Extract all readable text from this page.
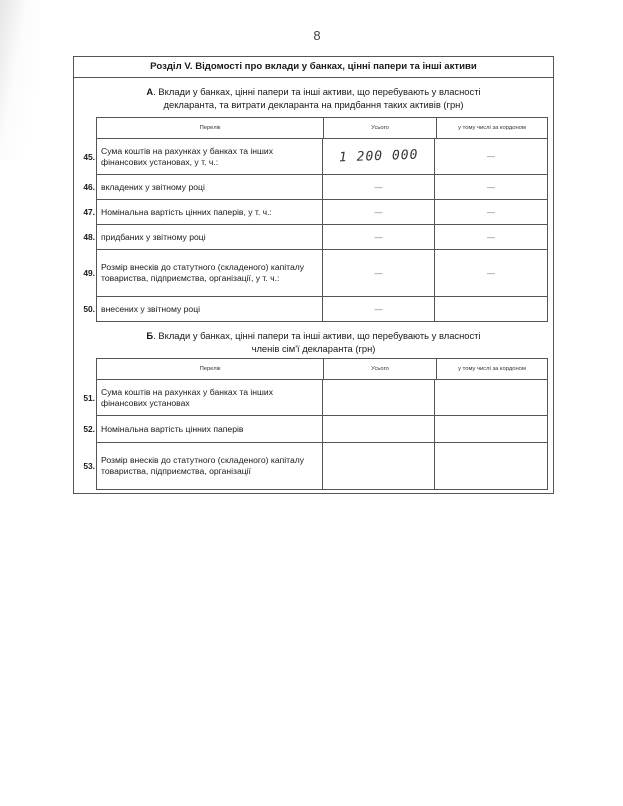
8
Розділ V. Відомості про вклади у банках, цінні папери та інші активи
А. Вклади у банках, цінні папери та інші активи, що перебувають у власності
декларанта, та витрати декларанта на придбання таких активів (грн)
Перелік	Усього	у тому числі за кордоном
45.
Сума коштів на рахунках у банках та інших фінансових установах, у т. ч.:	1 200 000	—
46. вкладених у звітному році	—	—
47. Номінальна вартість цінних паперів, у т. ч.:	—	—
48. придбаних у звітному році	—	—
49.
Розмір внесків до статутного (складеного) капіталу товариства, підприємства, організації, у т. ч.:	—	—
50. внесених у звітному році	—
Б. Вклади у банках, цінні папери та інші активи, що перебувають у власності
членів сім'ї декларанта (грн)
Перелік	Усього	у тому числі за кордоном
51.
Сума коштів на рахунках у банках та інших фінансових установах
52. Номінальна вартість цінних паперів
53.
Розмір внесків до статутного (складеного) капіталу товариства, підприємства, організації
